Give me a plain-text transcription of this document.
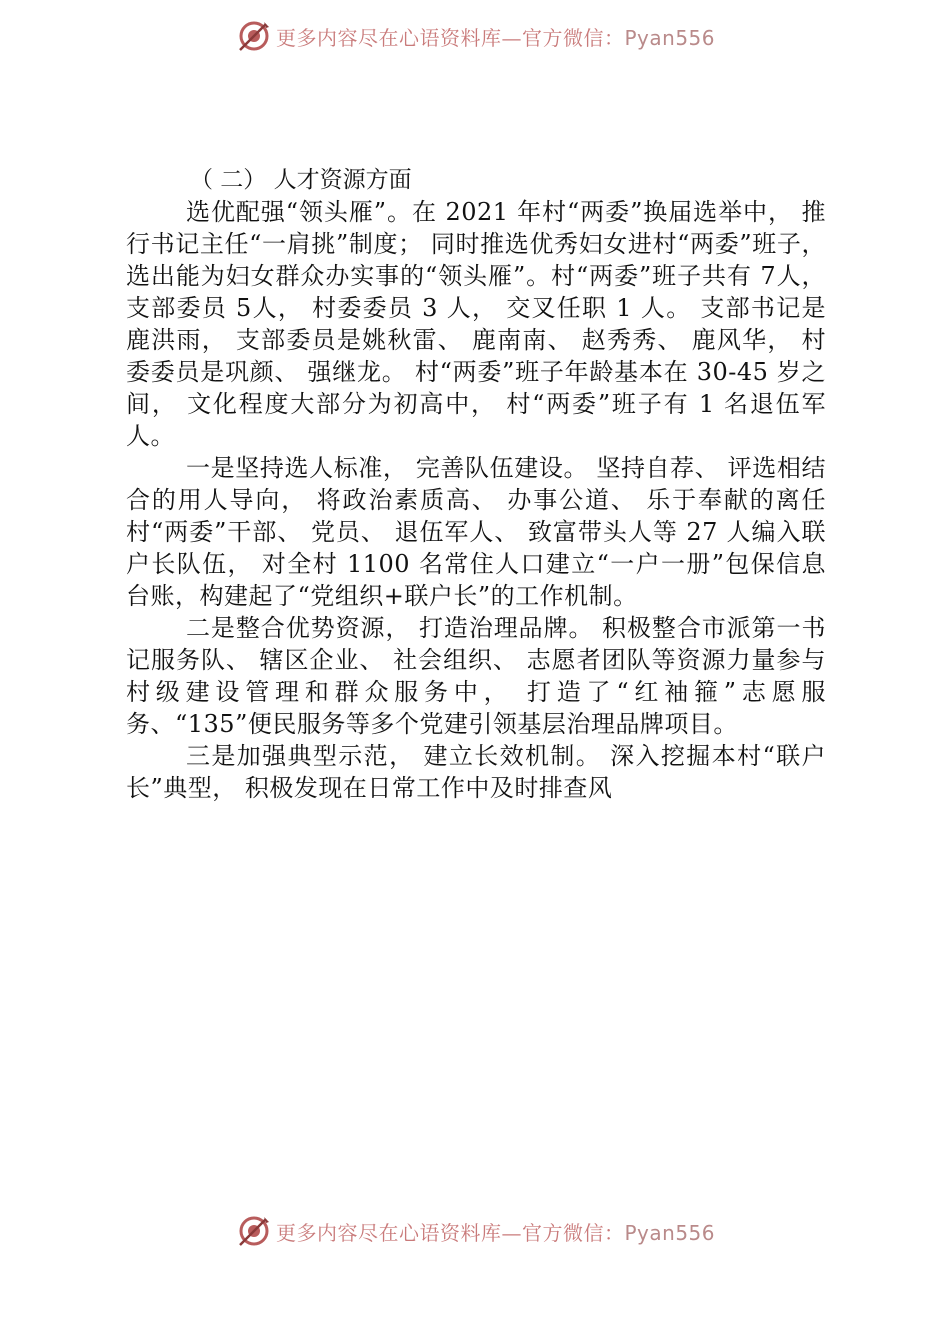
更多内容尽在心语资料库—官方微信：Pyan556

（ 二） 人才资源方面

选优配强“领头雁”。在 2021 年村“两委”换届选举中， 推行书记主任“一肩挑”制度； 同时推选优秀妇女进村“两委”班子， 选出能为妇女群众办实事的“领头雁”。村“两委”班子共有 7人， 支部委员 5人， 村委委员 3 人， 交叉任职 1 人。 支部书记是鹿洪雨， 支部委员是姚秋雷、 鹿南南、 赵秀秀、 鹿风华， 村委委员是巩颜、 强继龙。 村“两委”班子年龄基本在 30-45 岁之间， 文化程度大部分为初高中， 村“两委”班子有 1 名退伍军人。

一是坚持选人标准， 完善队伍建设。 坚持自荐、 评选相结合的用人导向， 将政治素质高、 办事公道、 乐于奉献的离任村“两委”干部、 党员、 退伍军人、 致富带头人等 27 人编入联户长队伍， 对全村 1100 名常住人口建立“一户一册”包保信息台账，构建起了“党组织+联户长”的工作机制。

二是整合优势资源， 打造治理品牌。 积极整合市派第一书记服务队、 辖区企业、 社会组织、 志愿者团队等资源力量参与村级建设管理和群众服务中， 打造了“红袖箍”志愿服务、“135”便民服务等多个党建引领基层治理品牌项目。

三是加强典型示范， 建立长效机制。 深入挖掘本村“联户长”典型， 积极发现在日常工作中及时排查风

更多内容尽在心语资料库—官方微信：Pyan556
